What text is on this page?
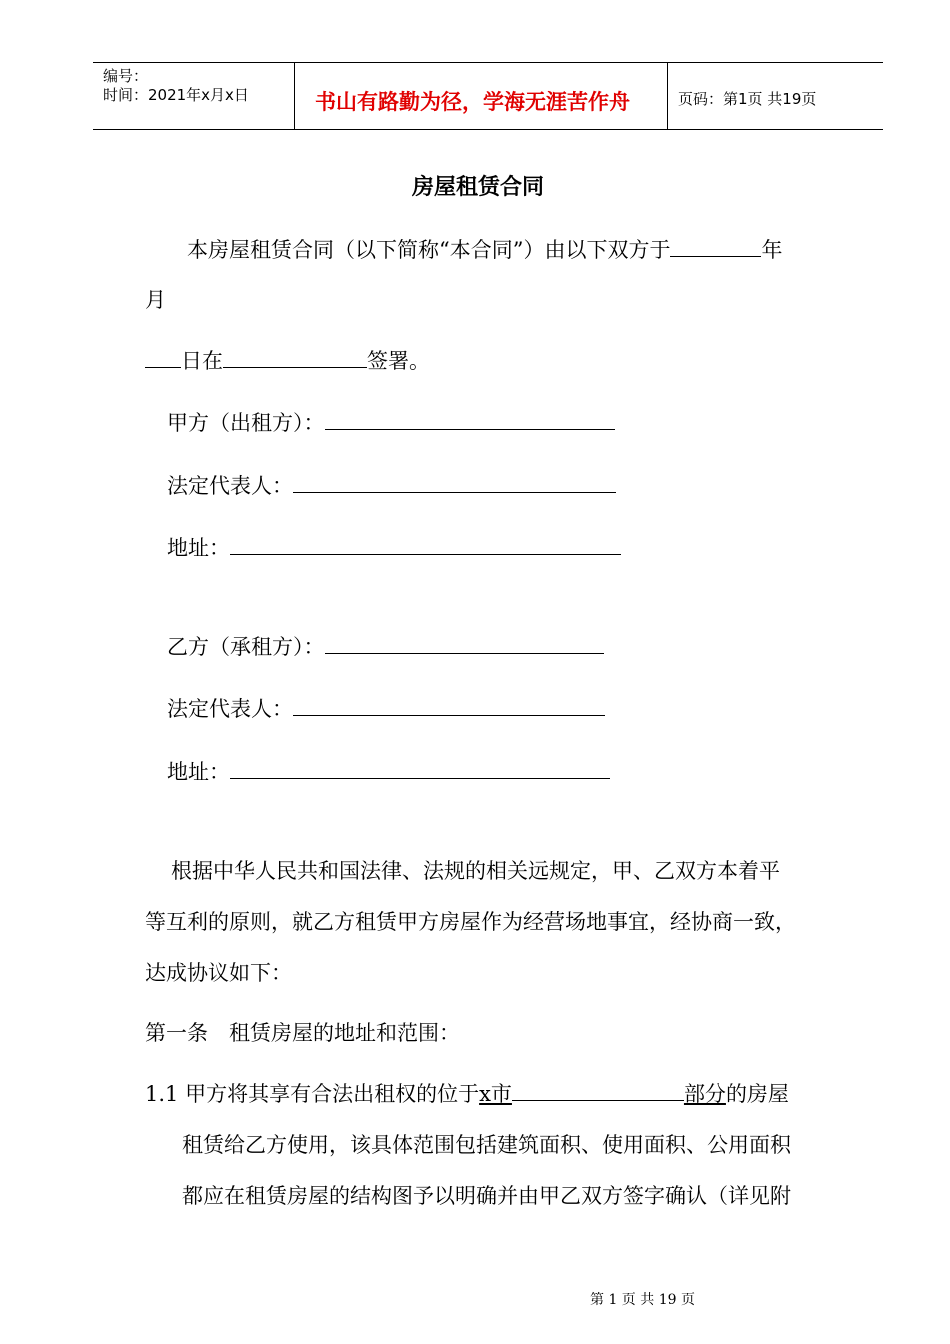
编号：
时间：2021年x月x日	书山有路勤为径，学海无涯苦作舟	页码：第1页 共19页
房屋租赁合同
本房屋租赁合同（以下简称“本合同”）由以下双方于	年
月
日在	签署。
甲方（出租方）：
法定代表人：
地址：
乙方（承租方）：
法定代表人：
地址：
根据中华人民共和国法律、法规的相关远规定，甲、乙双方本着平
等互利的原则，就乙方租赁甲方房屋作为经营场地事宜，经协商一致，
达成协议如下：
第一条　租赁房屋的地址和范围：
1.1 甲方将其享有合法出租权的位于x市	部分的房屋
租赁给乙方使用，该具体范围包括建筑面积、使用面积、公用面积
都应在租赁房屋的结构图予以明确并由甲乙双方签字确认（详见附
第 1 页 共 19 页
